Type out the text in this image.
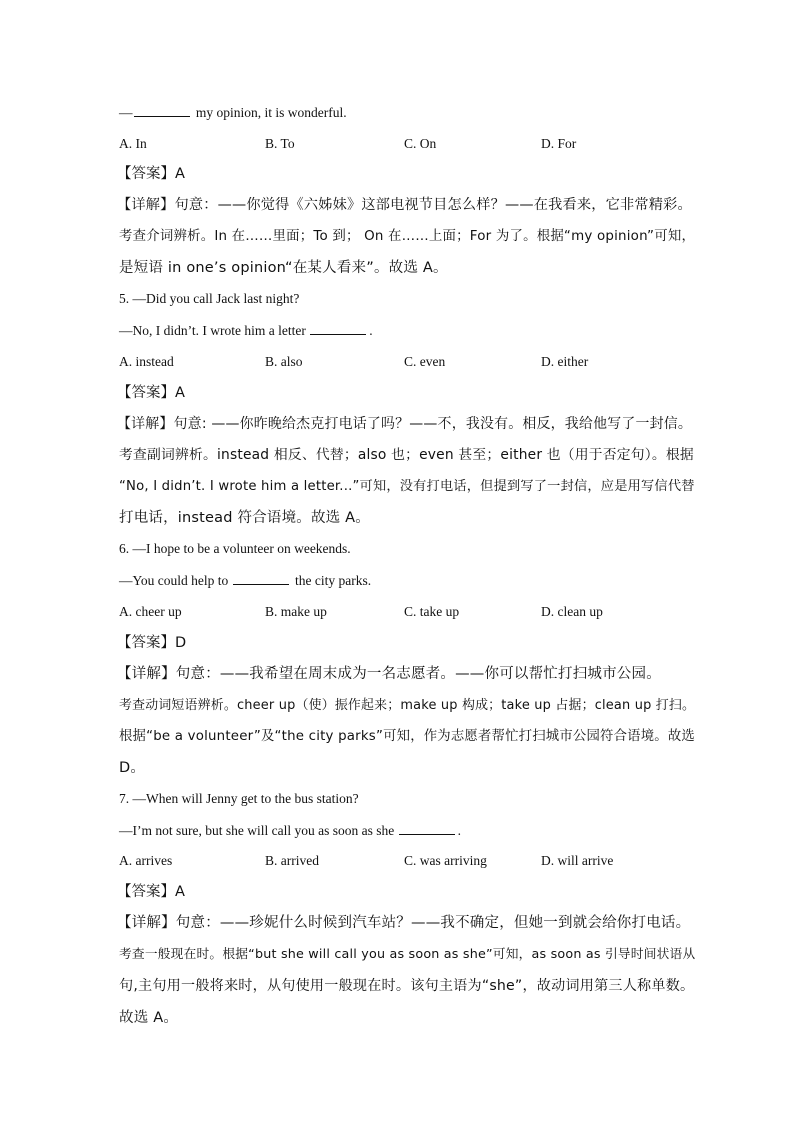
—	my opinion, it is wonderful.
A. In	B. To	C. On	D. For
【答案】A
【详解】句意：——你觉得《六姊妹》这部电视节目怎么样？——在我看来，它非常精彩。
考查介词辨析。In 在……里面；To 到； On 在……上面；For 为了。根据“my opinion”可知，
是短语 in one’s opinion“在某人看来”。故选 A。
5. —Did you call Jack last night?
—No, I didn’t. I wrote him a letter	.
A. instead	B. also	C. even	D. either
【答案】A
【详解】句意: ——你昨晚给杰克打电话了吗？——不，我没有。相反，我给他写了一封信。
考查副词辨析。instead 相反、代替；also 也；even 甚至；either 也（用于否定句）。根据
“No, I didn’t. I wrote him a letter...”可知，没有打电话，但提到写了一封信，应是用写信代替
打电话，instead 符合语境。故选 A。
6. —I hope to be a volunteer on weekends.
—You could help to	the city parks.
A. cheer up	B. make up	C. take up	D. clean up
【答案】D
【详解】句意：——我希望在周末成为一名志愿者。——你可以帮忙打扫城市公园。
考查动词短语辨析。cheer up（使）振作起来；make up 构成；take up 占据；clean up 打扫。
根据“be a volunteer”及“the city parks”可知，作为志愿者帮忙打扫城市公园符合语境。故选
D。
7. —When will Jenny get to the bus station?
—I’m not sure, but she will call you as soon as she	.
A. arrives	B. arrived	C. was arriving	D. will arrive
【答案】A
【详解】句意：——珍妮什么时候到汽车站？——我不确定，但她一到就会给你打电话。
考查一般现在时。根据“but she will call you as soon as she”可知，as soon as 引导时间状语从
句,主句用一般将来时，从句使用一般现在时。该句主语为“she”，故动词用第三人称单数。
故选 A。
